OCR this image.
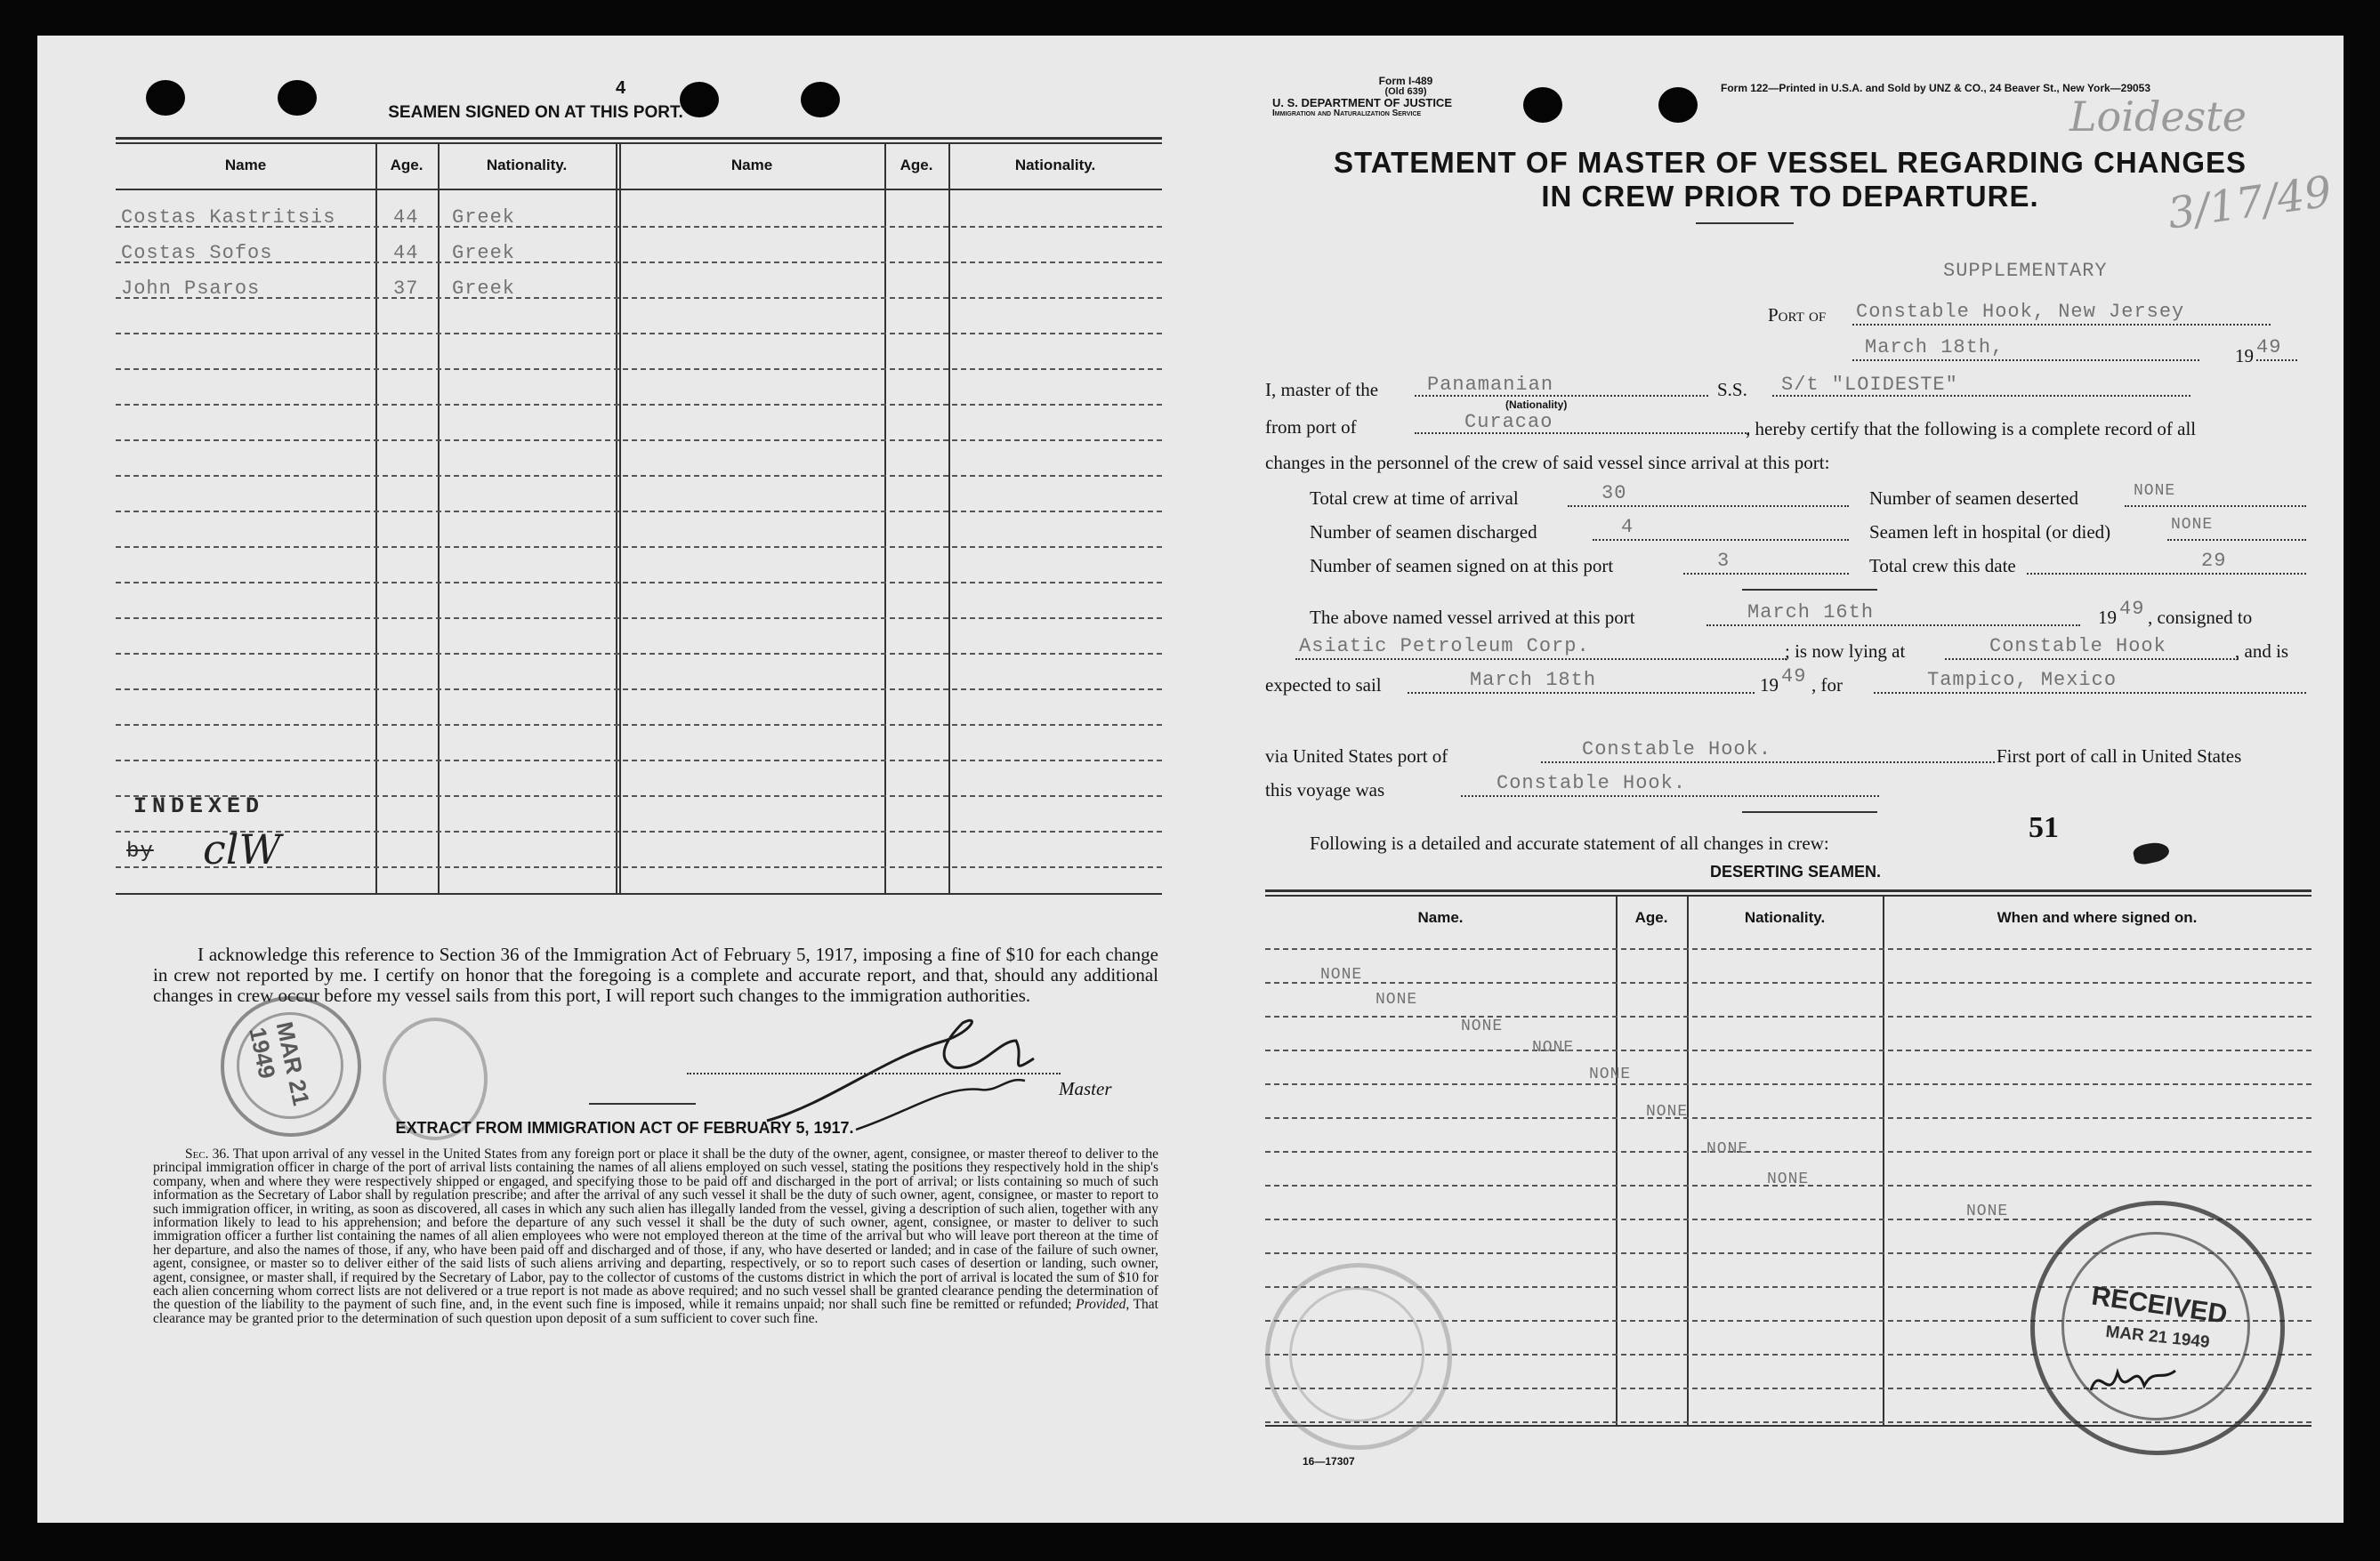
4
SEAMEN SIGNED ON AT THIS PORT.
Name	Age.	Nationality.	Name	Age.	Nationality.
Costas Kastritsis	44 Greek
Costas Sofos	44 Greek
John Psaros	37 Greek
INDEXED
by clW
I acknowledge this reference to Section 36 of the Immigration Act of February 5, 1917, imposing a fine of $10 for each change in crew not reported by me. I certify on honor that the foregoing is a complete and accurate report, and that, should any additional changes in crew occur before my vessel sails from this port, I will report such changes to the immigration authorities.
MAR 21 1949
Master
EXTRACT FROM IMMIGRATION ACT OF FEBRUARY 5, 1917.
Sec. 36. That upon arrival of any vessel in the United States from any foreign port or place it shall be the duty of the owner, agent, consignee, or master thereof to deliver to the principal immigration officer in charge of the port of arrival lists containing the names of all aliens employed on such vessel, stating the positions they respectively hold in the ship's company, when and where they were respectively shipped or engaged, and specifying those to be paid off and discharged in the port of arrival; or lists containing so much of such information as the Secretary of Labor shall by regulation prescribe; and after the arrival of any such vessel it shall be the duty of such owner, agent, consignee, or master to report to such immigration officer, in writing, as soon as discovered, all cases in which any such alien has illegally landed from the vessel, giving a description of such alien, together with any information likely to lead to his apprehension; and before the departure of any such vessel it shall be the duty of such owner, agent, consignee, or master to deliver to such immigration officer a further list containing the names of all alien employees who were not employed thereon at the time of the arrival but who will leave port thereon at the time of her departure, and also the names of those, if any, who have been paid off and discharged and of those, if any, who have deserted or landed; and in case of the failure of such owner, agent, consignee, or master so to deliver either of the said lists of such aliens arriving and departing, respectively, or so to report such cases of desertion or landing, such owner, agent, consignee, or master shall, if required by the Secretary of Labor, pay to the collector of customs of the customs district in which the port of arrival is located the sum of $10 for each alien concerning whom correct lists are not delivered or a true report is not made as above required; and no such vessel shall be granted clearance pending the determination of the question of the liability to the payment of such fine, and, in the event such fine is imposed, while it remains unpaid; nor shall such fine be remitted or refunded; Provided, That clearance may be granted prior to the determination of such question upon deposit of a sum sufficient to cover such fine.
Form I-489
(Old 639)
U. S. DEPARTMENT OF JUSTICE
Immigration and Naturalization Service
Form 122—Printed in U.S.A. and Sold by UNZ & CO., 24 Beaver St., New York—29053
Loideste
3/17/49
STATEMENT OF MASTER OF VESSEL REGARDING CHANGES
IN CREW PRIOR TO DEPARTURE.
SUPPLEMENTARY
Port of Constable Hook, New Jersey
March 18th,	19 49
I, master of the Panamanian
(Nationality)
S.S. S/t "LOIDESTE"
from port of	Curacao	, hereby certify that the following is a complete record of all
changes in the personnel of the crew of said vessel since arrival at this port:
Total crew at time of arrival	30	Number of seamen deserted	NONE
Number of seamen discharged	4	Seamen left in hospital (or died)	NONE
Number of seamen signed on at this port	3	Total crew this date	29
The above named vessel arrived at this port	March 16th	19 49 , consigned to
Asiatic Petroleum Corp.	; is now lying at	Constable Hook	, and is
expected to sail	March 18th	19 49 , for	Tampico, Mexico
via United States port of	Constable Hook.	First port of call in United States
this voyage was	Constable Hook.
Following is a detailed and accurate statement of all changes in crew:	51
DESERTING SEAMEN.
Name.	Age.	Nationality.	When and where signed on.
NONE
NONE
NONE
NONE
NONE
NONE
NONE
NONE
NONE
RECEIVED
MAR 21 1949
16—17307
